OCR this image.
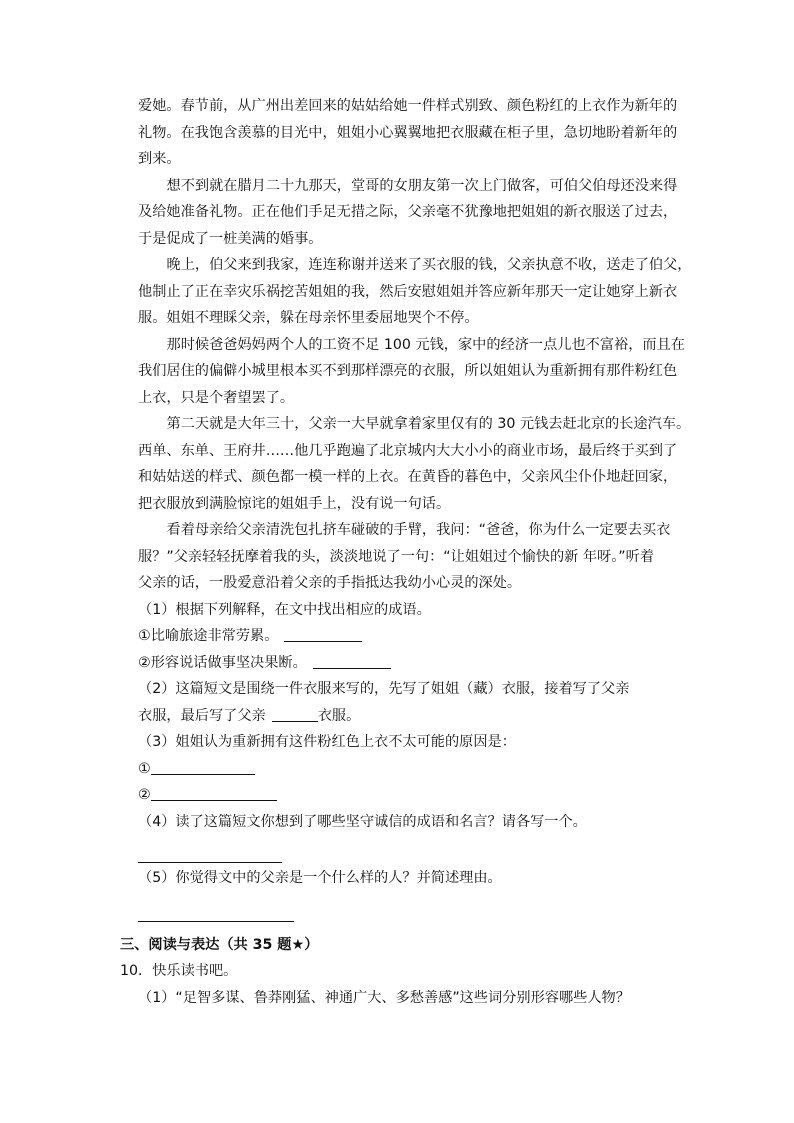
爱她。春节前，从广州出差回来的姑姑给她一件样式别致、颜色粉红的上衣作为新年的
礼物。在我饱含羡慕的目光中，姐姐小心翼翼地把衣服藏在柜子里，急切地盼着新年的
到来。
想不到就在腊月二十九那天，堂哥的女朋友第一次上门做客，可伯父伯母还没来得
及给她准备礼物。正在他们手足无措之际，父亲毫不犹豫地把姐姐的新衣服送了过去，
于是促成了一桩美满的婚事。
晚上，伯父来到我家，连连称谢并送来了买衣服的钱，父亲执意不收，送走了伯父，
他制止了正在幸灾乐祸挖苦姐姐的我，然后安慰姐姐并答应新年那天一定让她穿上新衣
服。姐姐不理睬父亲，躲在母亲怀里委屈地哭个不停。
那时候爸爸妈妈两个人的工资不足 100 元钱，家中的经济一点儿也不富裕，而且在
我们居住的偏僻小城里根本买不到那样漂亮的衣服，所以姐姐认为重新拥有那件粉红色
上衣，只是个奢望罢了。
第二天就是大年三十，父亲一大早就拿着家里仅有的 30 元钱去赶北京的长途汽车。
西单、东单、王府井……他几乎跑遍了北京城内大大小小的商业市场，最后终于买到了
和姑姑送的样式、颜色都一模一样的上衣。在黄昏的暮色中，父亲风尘仆仆地赶回家，
把衣服放到满脸惊诧的姐姐手上，没有说一句话。
看着母亲给父亲清洗包扎挤车碰破的手臂，我问：“爸爸，你为什么一定要去买衣
服？”父亲轻轻抚摩着我的头，淡淡地说了一句：“让姐姐过个愉快的新 年呀。”听着
父亲的话，一股爱意沿着父亲的手指抵达我幼小心灵的深处。
（1）根据下列解释，在文中找出相应的成语。
①比喻旅途非常劳累。
②形容说话做事坚决果断。
（2）这篇短文是围绕一件衣服来写的，先写了姐姐（藏）衣服，接着写了父亲
衣服，最后写了父亲	衣服。
（3）姐姐认为重新拥有这件粉红色上衣不太可能的原因是：
①
②
（4）读了这篇短文你想到了哪些坚守诚信的成语和名言？请各写一个。
（5）你觉得文中的父亲是一个什么样的人？并简述理由。
三、阅读与表达（共 35 题★）
10．快乐读书吧。
（1）“足智多谋、鲁莽刚猛、神通广大、多愁善感”这些词分别形容哪些人物？
